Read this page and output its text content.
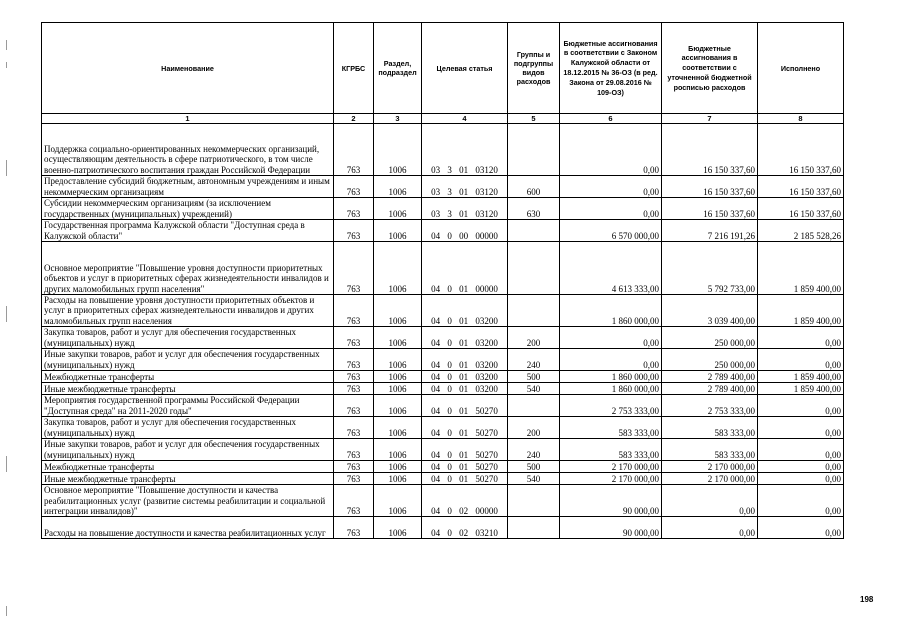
Наименование	КГРБС	Раздел, подраздел	Целевая статья	Группы и подгруппы видов расходов	Бюджетные ассигнования в соответствии с Законом Калужской области от 18.12.2015 № 36-ОЗ (в ред. Закона от 29.08.2016 № 109-ОЗ)	Бюджетные ассигнования в соответствии с уточненной бюджетной росписью расходов	Исполнено
1	2	3	4	5	6	7	8
Поддержка социально-ориентированных некоммерческих организаций, осуществляющим деятельность в сфере патриотического, в том числе военно-патриотического воспитания граждан Российской Федерации	763	1006	03 3 01 03120		0,00	16 150 337,60	16 150 337,60
Предоставление субсидий бюджетным, автономным учреждениям и иным некоммерческим организациям	763	1006	03 3 01 03120	600	0,00	16 150 337,60	16 150 337,60
Субсидии некоммерческим организациям (за исключением государственных (муниципальных) учреждений)	763	1006	03 3 01 03120	630	0,00	16 150 337,60	16 150 337,60
Государственная программа Калужской области "Доступная среда в Калужской области"	763	1006	04 0 00 00000		6 570 000,00	7 216 191,26	2 185 528,26
Основное мероприятие "Повышение уровня доступности приоритетных объектов и услуг в приоритетных сферах жизнедеятельности инвалидов и других маломобильных групп населения"	763	1006	04 0 01 00000		4 613 333,00	5 792 733,00	1 859 400,00
Расходы на повышение уровня доступности приоритетных объектов и услуг в приоритетных сферах жизнедеятельности инвалидов и других маломобильных групп населения	763	1006	04 0 01 03200		1 860 000,00	3 039 400,00	1 859 400,00
Закупка товаров, работ и услуг для обеспечения государственных (муниципальных) нужд	763	1006	04 0 01 03200	200	0,00	250 000,00	0,00
Иные закупки товаров, работ и услуг для обеспечения государственных (муниципальных) нужд	763	1006	04 0 01 03200	240	0,00	250 000,00	0,00
Межбюджетные трансферты	763	1006	04 0 01 03200	500	1 860 000,00	2 789 400,00	1 859 400,00
Иные межбюджетные трансферты	763	1006	04 0 01 03200	540	1 860 000,00	2 789 400,00	1 859 400,00
Мероприятия государственной программы Российской Федерации "Доступная среда" на 2011-2020 годы"	763	1006	04 0 01 50270		2 753 333,00	2 753 333,00	0,00
Закупка товаров, работ и услуг для обеспечения государственных (муниципальных) нужд	763	1006	04 0 01 50270	200	583 333,00	583 333,00	0,00
Иные закупки товаров, работ и услуг для обеспечения государственных (муниципальных) нужд	763	1006	04 0 01 50270	240	583 333,00	583 333,00	0,00
Межбюджетные трансферты	763	1006	04 0 01 50270	500	2 170 000,00	2 170 000,00	0,00
Иные межбюджетные трансферты	763	1006	04 0 01 50270	540	2 170 000,00	2 170 000,00	0,00
Основное мероприятие "Повышение доступности и качества реабилитационных услуг (развитие системы реабилитации и социальной интеграции инвалидов)"	763	1006	04 0 02 00000		90 000,00	0,00	0,00
Расходы на повышение доступности и качества реабилитационных услуг	763	1006	04 0 02 03210		90 000,00	0,00	0,00
198
